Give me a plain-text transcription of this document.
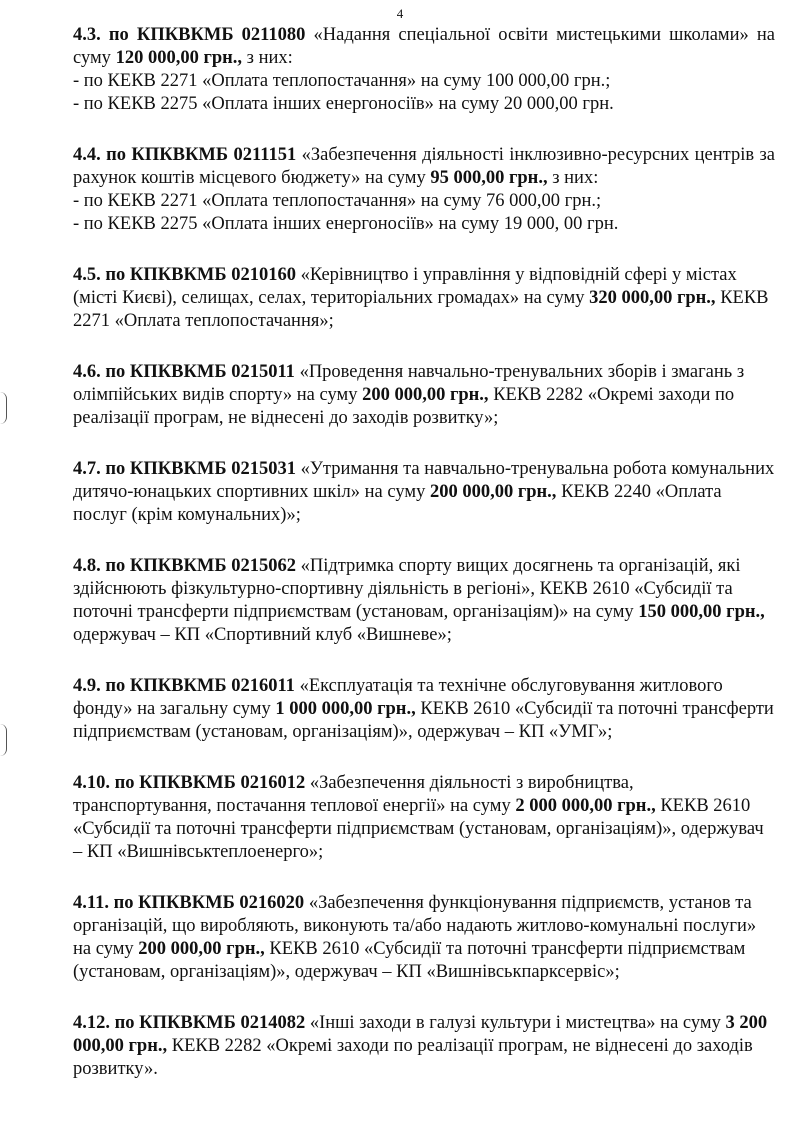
4

4.3. по КПКВКМБ 0211080 «Надання спеціальної освіти мистецькими школами» на суму 120 000,00 грн., з них:

- по КЕКВ 2271 «Оплата теплопостачання» на суму 100 000,00 грн.;

- по КЕКВ 2275 «Оплата інших енергоносіїв» на суму 20 000,00 грн.

4.4. по КПКВКМБ 0211151 «Забезпечення діяльності інклюзивно-ресурсних центрів за рахунок коштів місцевого бюджету» на суму 95 000,00 грн., з них:

- по КЕКВ 2271 «Оплата теплопостачання» на суму 76 000,00 грн.;

- по КЕКВ 2275 «Оплата інших енергоносіїв» на суму 19 000, 00 грн.

4.5. по КПКВКМБ 0210160 «Керівництво і управління у відповідній сфері у містах (місті Києві), селищах, селах, територіальних громадах» на суму 320 000,00 грн., КЕКВ 2271 «Оплата теплопостачання»;

4.6. по КПКВКМБ 0215011 «Проведення навчально-тренувальних зборів і змагань з олімпійських видів спорту» на суму 200 000,00 грн., КЕКВ 2282 «Окремі заходи по реалізації програм, не віднесені до заходів розвитку»;

4.7. по КПКВКМБ 0215031 «Утримання та навчально-тренувальна робота комунальних дитячо-юнацьких спортивних шкіл» на суму 200 000,00 грн., КЕКВ 2240 «Оплата послуг (крім комунальних)»;

4.8. по КПКВКМБ 0215062 «Підтримка спорту вищих досягнень та організацій, які здійснюють фізкультурно-спортивну діяльність в регіоні», КЕКВ 2610 «Субсидії та поточні трансферти підприємствам (установам, організаціям)» на суму 150 000,00 грн., одержувач – КП «Спортивний клуб «Вишневе»;

4.9. по КПКВКМБ 0216011 «Експлуатація та технічне обслуговування житлового фонду» на загальну суму 1 000 000,00 грн., КЕКВ 2610 «Субсидії та поточні трансферти підприємствам (установам, організаціям)», одержувач – КП «УМГ»;

4.10. по КПКВКМБ 0216012 «Забезпечення діяльності з виробництва, транспортування, постачання теплової енергії» на суму 2 000 000,00 грн., КЕКВ 2610 «Субсидії та поточні трансферти підприємствам (установам, організаціям)», одержувач – КП «Вишнівськтеплоенерго»;

4.11. по КПКВКМБ 0216020 «Забезпечення функціонування підприємств, установ та організацій, що виробляють, виконують та/або надають житлово-комунальні послуги» на суму 200 000,00 грн., КЕКВ 2610 «Субсидії та поточні трансферти підприємствам (установам, організаціям)», одержувач – КП «Вишнівськпарксервіс»;

4.12. по КПКВКМБ 0214082 «Інші заходи в галузі культури і мистецтва» на суму 3 200 000,00 грн., КЕКВ 2282 «Окремі заходи по реалізації програм, не віднесені до заходів розвитку».
